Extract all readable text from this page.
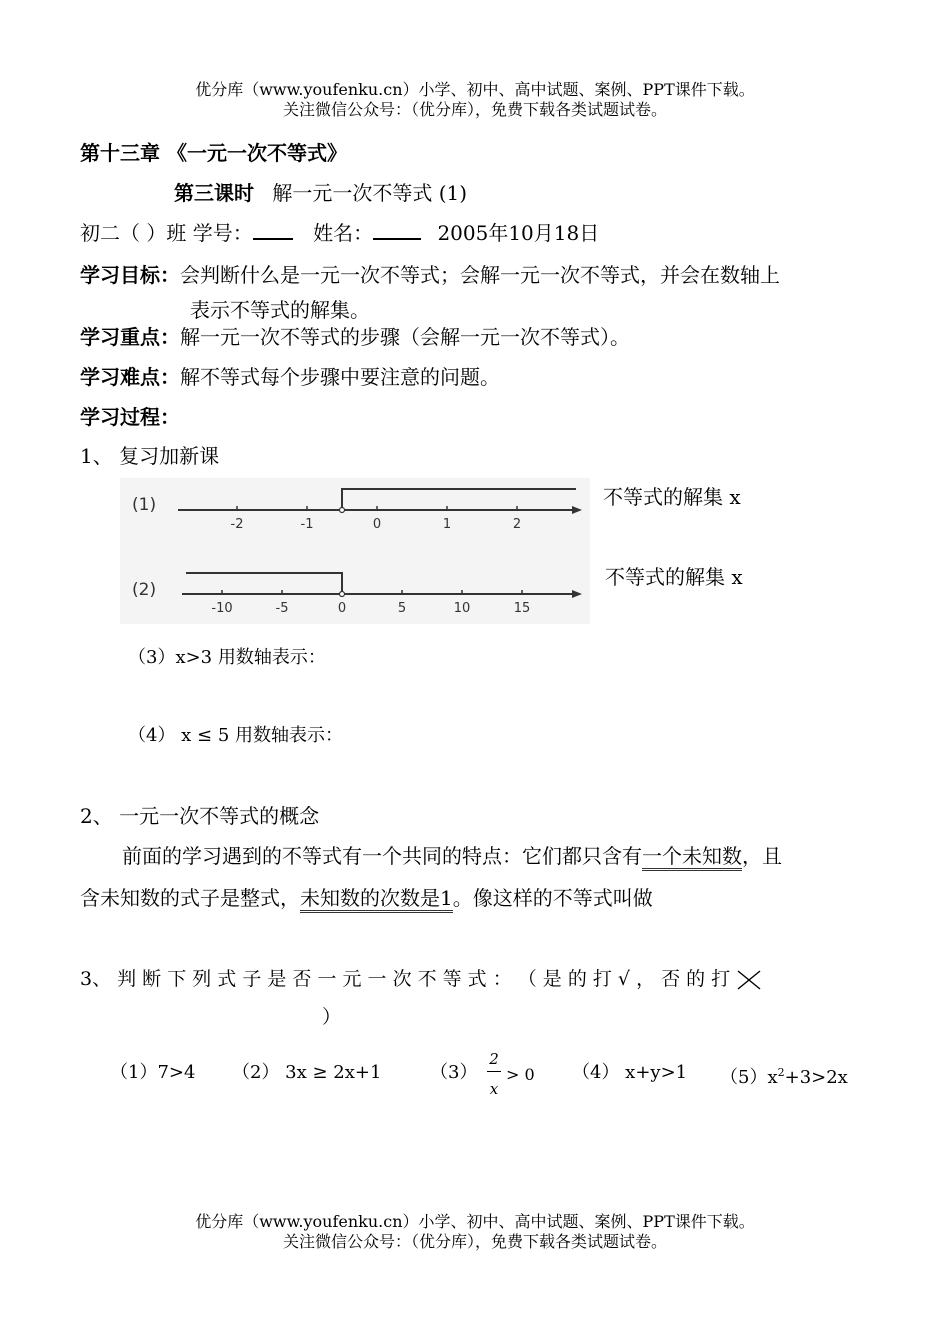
优分库（www.youfenku.cn）小学、初中、高中试题、案例、PPT课件下载。
关注微信公众号：（优分库），免费下载各类试题试卷。
第十三章 《一元一次不等式》
第三课时 解一元一次不等式 (1)
初二（ ）班 学号：	姓名：	2005年10月18日
学习目标：会判断什么是一元一次不等式；会解一元一次不等式，并会在数轴上
表示不等式的解集。
学习重点：解一元一次不等式的步骤（会解一元一次不等式）。
学习难点：解不等式每个步骤中要注意的问题。
学习过程：
1、 复习加新课
(1)
-2	-1	0	1	2
(2)
-10	-5	0	5	10	15
不等式的解集 x
不等式的解集 x
（3）x>3 用数轴表示：
（4） x ≤ 5 用数轴表示：
2、 一元一次不等式的概念
前面的学习遇到的不等式有一个共同的特点：它们都只含有一个未知数，且
含未知数的式子是整式，未知数的次数是1。像这样的不等式叫做
3、 判 断 下 列 式 子 是 否 一 元 一 次 不 等 式 ： （ 是 的 打 √ ， 否 的 打
）
（1）7>4 （2） 3x ≥ 2x+1	（3）
2
x
> 0 （4） x+y>1 $(5)x^2+3>2x$
优分库（www.youfenku.cn）小学、初中、高中试题、案例、PPT课件下载。
关注微信公众号：（优分库），免费下载各类试题试卷。
